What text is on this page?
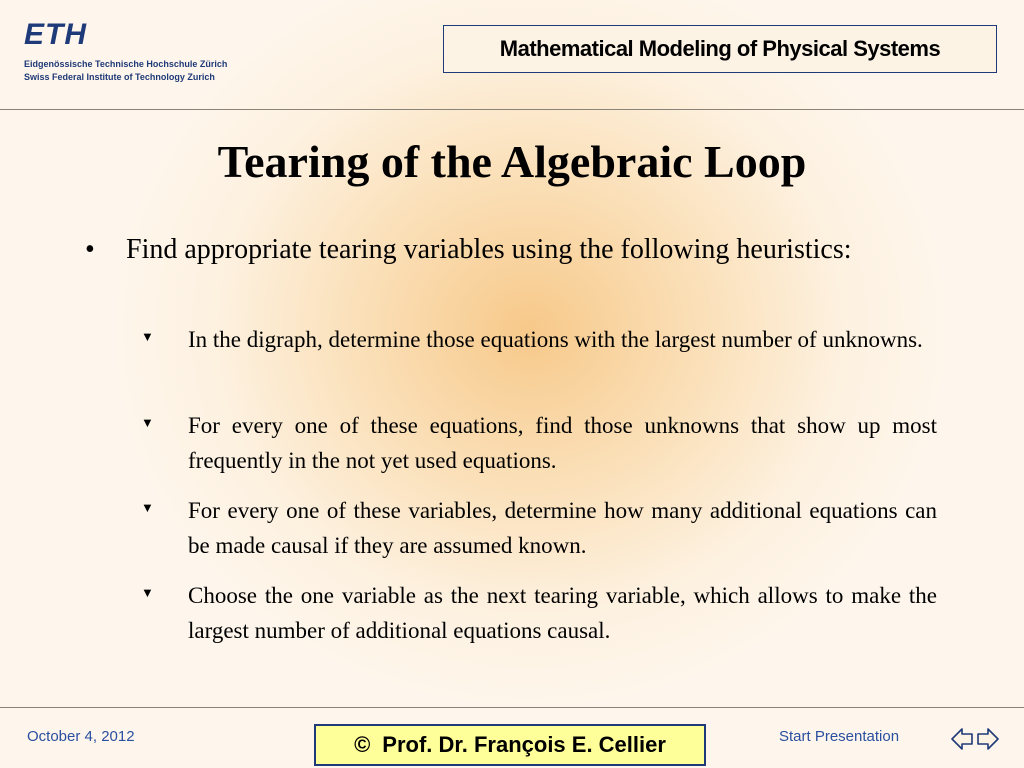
ETH
Eidgenössische Technische Hochschule Zürich
Swiss Federal Institute of Technology Zurich
Mathematical Modeling of Physical Systems
Tearing of the Algebraic Loop
• Find appropriate tearing variables using the following heuristics:
▼ In the digraph, determine those equations with the largest number of unknowns.
▼ For every one of these equations, find those unknowns that show up most frequently in the not yet used equations.
▼ For every one of these variables, determine how many additional equations can be made causal if they are assumed known.
▼ Choose the one variable as the next tearing variable, which allows to make the largest number of additional equations causal.
October 4, 2012	© Prof. Dr. François E. Cellier	Start Presentation
